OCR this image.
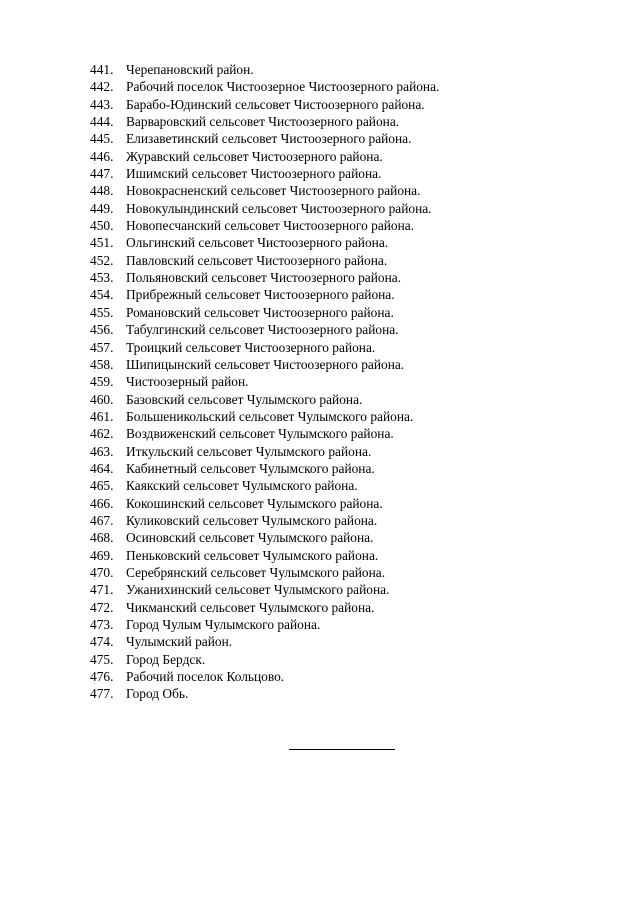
441. Черепановский район.
442. Рабочий поселок Чистоозерное Чистоозерного района.
443. Барабо-Юдинский сельсовет Чистоозерного района.
444. Варваровский сельсовет Чистоозерного района.
445. Елизаветинский сельсовет Чистоозерного района.
446. Журавский сельсовет Чистоозерного района.
447. Ишимский сельсовет Чистоозерного района.
448. Новокрасненский сельсовет Чистоозерного района.
449. Новокулындинский сельсовет Чистоозерного района.
450. Новопесчанский сельсовет Чистоозерного района.
451. Ольгинский сельсовет Чистоозерного района.
452. Павловский сельсовет Чистоозерного района.
453. Польяновский сельсовет Чистоозерного района.
454. Прибрежный сельсовет Чистоозерного района.
455. Романовский сельсовет Чистоозерного района.
456. Табулгинский сельсовет Чистоозерного района.
457. Троицкий сельсовет Чистоозерного района.
458. Шипицынский сельсовет Чистоозерного района.
459. Чистоозерный район.
460. Базовский сельсовет Чулымского района.
461. Большеникольский сельсовет Чулымского района.
462. Воздвиженский сельсовет Чулымского района.
463. Иткульский сельсовет Чулымского района.
464. Кабинетный сельсовет Чулымского района.
465. Каякский сельсовет Чулымского района.
466. Кокошинский сельсовет Чулымского района.
467. Куликовский сельсовет Чулымского района.
468. Осиновский сельсовет Чулымского района.
469. Пеньковский сельсовет Чулымского района.
470. Серебрянский сельсовет Чулымского района.
471. Ужанихинский сельсовет Чулымского района.
472. Чикманский сельсовет Чулымского района.
473. Город Чулым Чулымского района.
474. Чулымский район.
475. Город Бердск.
476. Рабочий поселок Кольцово.
477. Город Обь.
